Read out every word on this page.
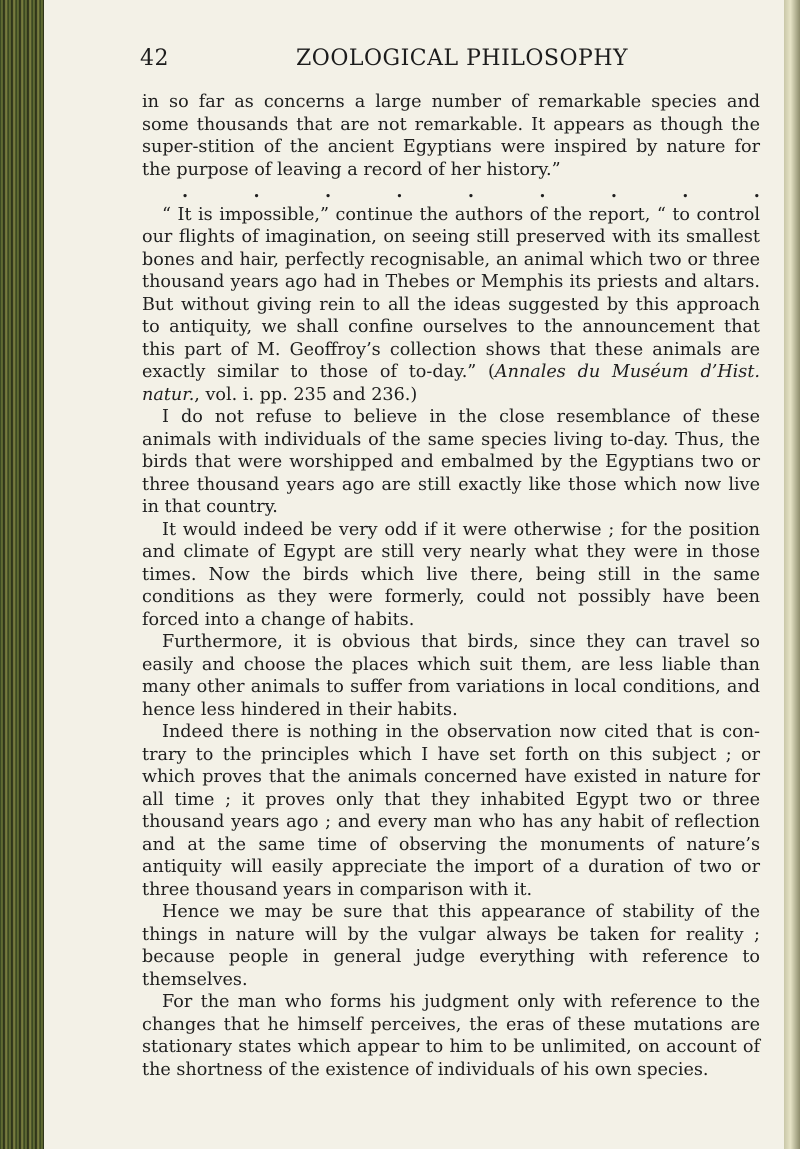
42	ZOOLOGICAL PHILOSOPHY

in so far as concerns a large number of remarkable species and some thousands that are not remarkable. It appears as though the super-stition of the ancient Egyptians were inspired by nature for the purpose of leaving a record of her history.”

.	.	.	.	.	.	.	.	.

“ It is impossible,” continue the authors of the report, “ to control our flights of imagination, on seeing still preserved with its smallest bones and hair, perfectly recognisable, an animal which two or three thousand years ago had in Thebes or Memphis its priests and altars. But without giving rein to all the ideas suggested by this approach to antiquity, we shall confine ourselves to the announcement that this part of M. Geoffroy’s collection shows that these animals are exactly similar to those of to-day.” (Annales du Muséum d’Hist. natur., vol. i. pp. 235 and 236.)

I do not refuse to believe in the close resemblance of these animals with individuals of the same species living to-day. Thus, the birds that were worshipped and embalmed by the Egyptians two or three thousand years ago are still exactly like those which now live in that country.

It would indeed be very odd if it were otherwise ; for the position and climate of Egypt are still very nearly what they were in those times. Now the birds which live there, being still in the same conditions as they were formerly, could not possibly have been forced into a change of habits.

Furthermore, it is obvious that birds, since they can travel so easily and choose the places which suit them, are less liable than many other animals to suffer from variations in local conditions, and hence less hindered in their habits.

Indeed there is nothing in the observation now cited that is con-trary to the principles which I have set forth on this subject ; or which proves that the animals concerned have existed in nature for all time ; it proves only that they inhabited Egypt two or three thousand years ago ; and every man who has any habit of reflection and at the same time of observing the monuments of nature’s antiquity will easily appreciate the import of a duration of two or three thousand years in comparison with it.

Hence we may be sure that this appearance of stability of the things in nature will by the vulgar always be taken for reality ; because people in general judge everything with reference to themselves.

For the man who forms his judgment only with reference to the changes that he himself perceives, the eras of these mutations are stationary states which appear to him to be unlimited, on account of the shortness of the existence of individuals of his own species.
